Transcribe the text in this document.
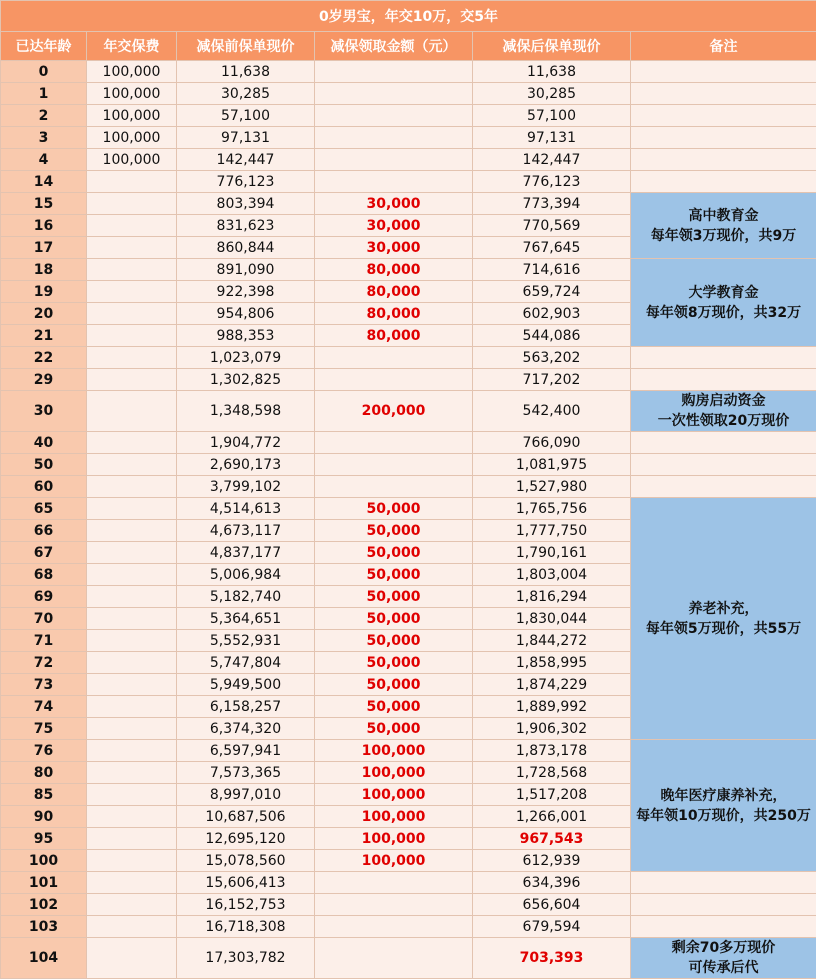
0岁男宝，年交10万，交5年					
已达年龄	年交保费	减保前保单现价	减保领取金额（元）	减保后保单现价	备注
0	100,000	11,638		11,638	
1	100,000	30,285		30,285	
2	100,000	57,100		57,100	
3	100,000	97,131		97,131	
4	100,000	142,447		142,447	
14		776,123		776,123	
15		803,394	30,000	773,394	高中教育金
每年领3万现价，共9万

16		831,623	30,000	770,569	
17		860,844	30,000	767,645	
18		891,090	80,000	714,616	大学教育金
每年领8万现价，共32万

19		922,398	80,000	659,724	
20		954,806	80,000	602,903	
21		988,353	80,000	544,086	
22		1,023,079		563,202	
29		1,302,825		717,202	
30		1,348,598	200,000	542,400	购房启动资金
一次性领取20万现价

40		1,904,772		766,090	
50		2,690,173		1,081,975	
60		3,799,102		1,527,980	
65		4,514,613	50,000	1,765,756	养老补充，
每年领5万现价，共55万

66		4,673,117	50,000	1,777,750	
67		4,837,177	50,000	1,790,161	
68		5,006,984	50,000	1,803,004	
69		5,182,740	50,000	1,816,294	
70		5,364,651	50,000	1,830,044	
71		5,552,931	50,000	1,844,272	
72		5,747,804	50,000	1,858,995	
73		5,949,500	50,000	1,874,229	
74		6,158,257	50,000	1,889,992	
75		6,374,320	50,000	1,906,302	
76		6,597,941	100,000	1,873,178	晚年医疗康养补充，
每年领10万现价，共250万

80		7,573,365	100,000	1,728,568	
85		8,997,010	100,000	1,517,208	
90		10,687,506	100,000	1,266,001	
95		12,695,120	100,000	967,543	
100		15,078,560	100,000	612,939	
101		15,606,413		634,396	
102		16,152,753		656,604	
103		16,718,308		679,594	
104		17,303,782		703,393	剩余70多万现价
可传承后代
